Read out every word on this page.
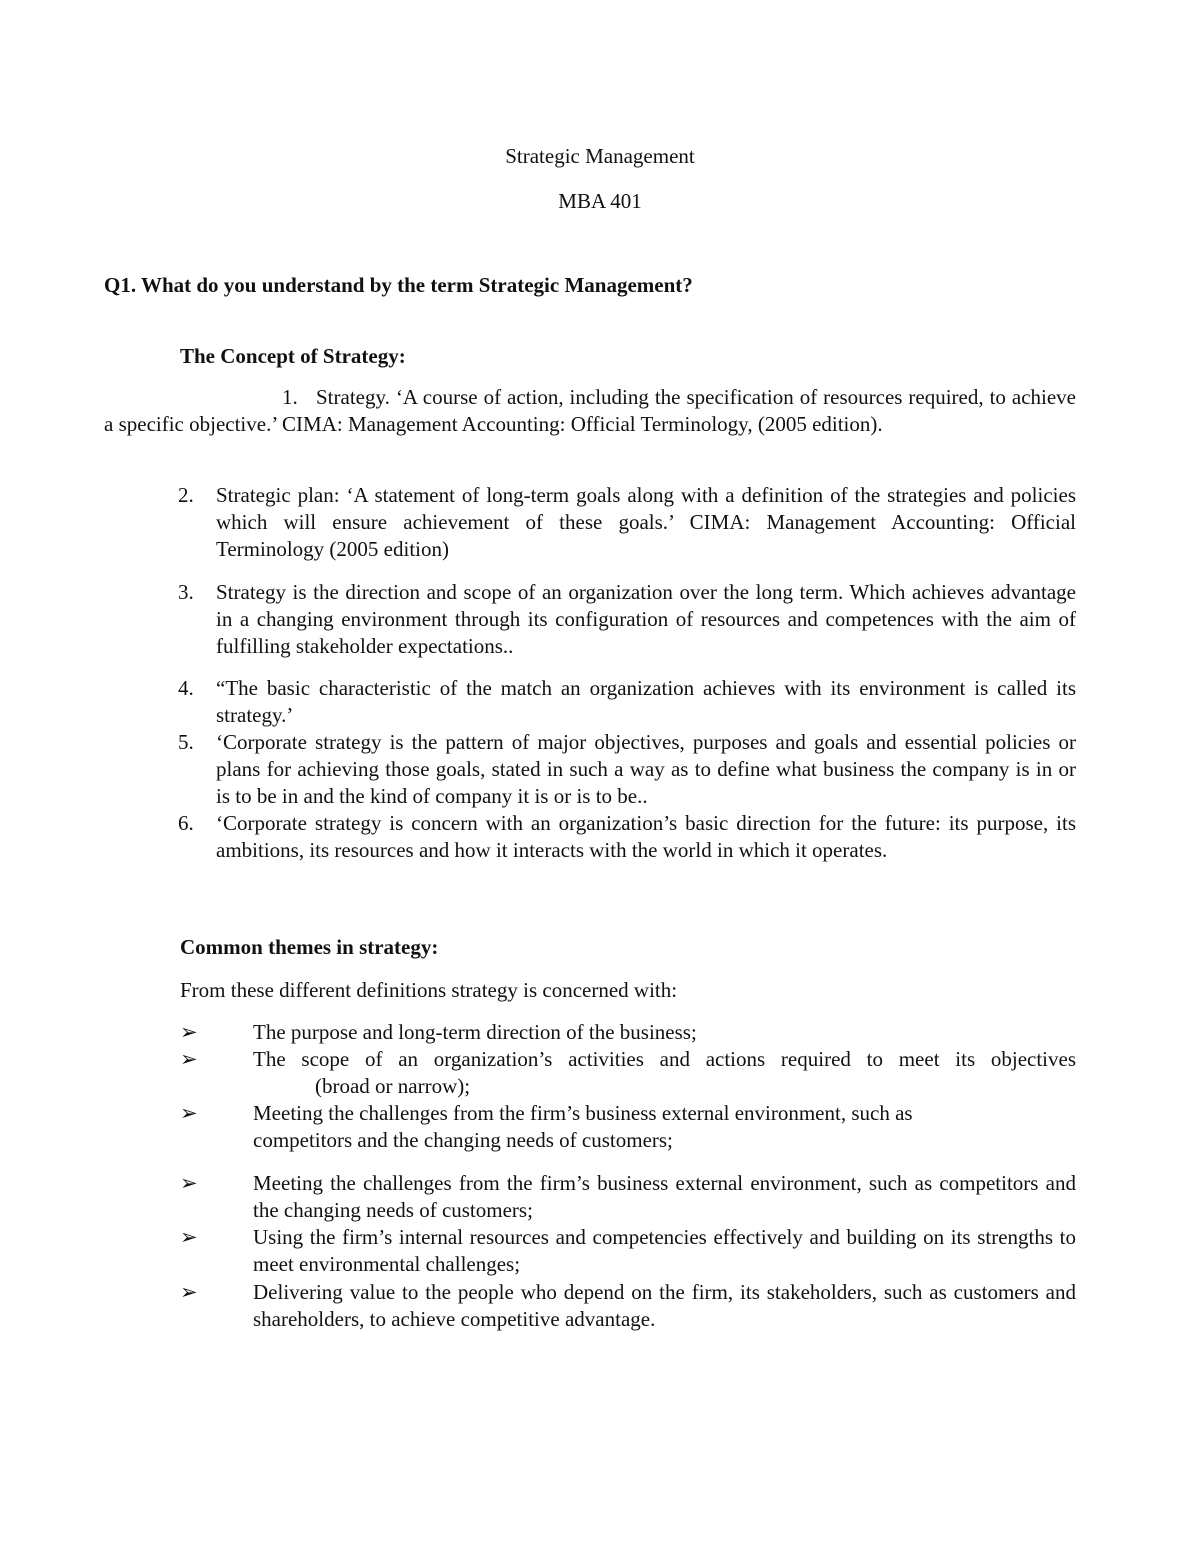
Strategic Management
MBA 401
Q1. What do you understand by the term Strategic Management?
The Concept of Strategy:
1. Strategy. ‘A course of action, including the specification of resources required, to achieve a specific objective.’ CIMA: Management Accounting: Official Terminology, (2005 edition).
2.	Strategic plan: ‘A statement of long-term goals along with a definition of the strategies and policies which will ensure achievement of these goals.’ CIMA: Management Accounting: Official Terminology (2005 edition)
3.	Strategy is the direction and scope of an organization over the long term. Which achieves advantage in a changing environment through its configuration of resources and competences with the aim of fulfilling stakeholder expectations..
4.	“The basic characteristic of the match an organization achieves with its environment is called its strategy.’
5.	‘Corporate strategy is the pattern of major objectives, purposes and goals and essential policies or plans for achieving those goals, stated in such a way as to define what business the company is in or is to be in and the kind of company it is or is to be..
6.	‘Corporate strategy is concern with an organization’s basic direction for the future: its purpose, its ambitions, its resources and how it interacts with the world in which it operates.
Common themes in strategy:
From these different definitions strategy is concerned with:
➢	The purpose and long-term direction of the business;
➢	The scope of an organization’s activities and actions required to meet its objectives
(broad or narrow);
➢	Meeting the challenges from the firm’s business external environment, such as
competitors and the changing needs of customers;
➢	Meeting the challenges from the firm’s business external environment, such as competitors and the changing needs of customers;
➢	Using the firm’s internal resources and competencies effectively and building on its strengths to meet environmental challenges;
➢	Delivering value to the people who depend on the firm, its stakeholders, such as customers and shareholders, to achieve competitive advantage.
